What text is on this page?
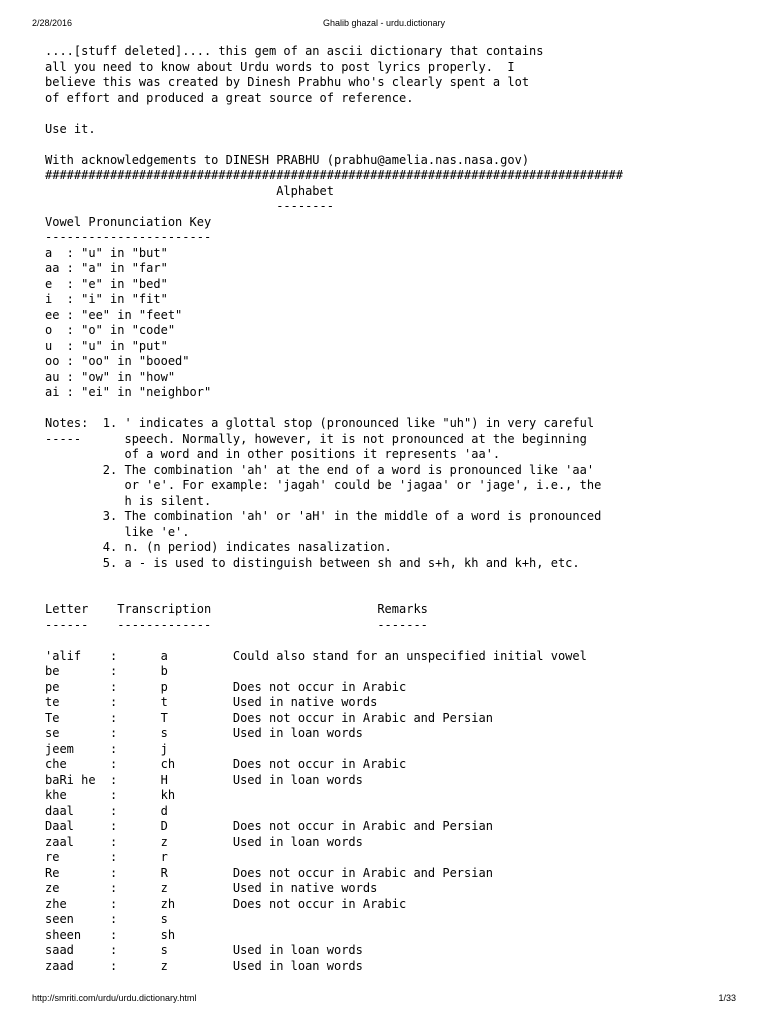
2/28/2016	Ghalib ghazal - urdu.dictionary
....[stuff deleted].... this gem of an ascii dictionary that contains
all you need to know about Urdu words to post lyrics properly.  I
believe this was created by Dinesh Prabhu who's clearly spent a lot
of effort and produced a great source of reference.

Use it.

With acknowledgements to DINESH PRABHU (prabhu@amelia.nas.nasa.gov)
################################################################################
Alphabet
--------
Vowel Pronunciation Key
-----------------------
a  : "u" in "but"
aa : "a" in "far"
e  : "e" in "bed"
i  : "i" in "fit"
ee : "ee" in "feet"
o  : "o" in "code"
u  : "u" in "put"
oo : "oo" in "booed"
au : "ow" in "how"
ai : "ei" in "neighbor"

Notes:  1. ' indicates a glottal stop (pronounced like "uh") in very careful
-----      speech. Normally, however, it is not pronounced at the beginning
of a word and in other positions it represents 'aa'.
2. The combination 'ah' at the end of a word is pronounced like 'aa'
or 'e'. For example: 'jagah' could be 'jagaa' or 'jage', i.e., the
h is silent.
3. The combination 'ah' or 'aH' in the middle of a word is pronounced
like 'e'.
4. n. (n period) indicates nasalization.
5. a - is used to distinguish between sh and s+h, kh and k+h, etc.

Letter    Transcription                       Remarks
------    -------------                       -------

'alif    :      a         Could also stand for an unspecified initial vowel
be       :      b
pe       :      p         Does not occur in Arabic
te       :      t         Used in native words
Te       :      T         Does not occur in Arabic and Persian
se       :      s         Used in loan words
jeem     :      j
che      :      ch        Does not occur in Arabic
baRi he  :      H         Used in loan words
khe      :      kh
daal     :      d
Daal     :      D         Does not occur in Arabic and Persian
zaal     :      z         Used in loan words
re       :      r
Re       :      R         Does not occur in Arabic and Persian
ze       :      z         Used in native words
zhe      :      zh        Does not occur in Arabic
seen     :      s
sheen    :      sh
saad     :      s         Used in loan words
zaad     :      z         Used in loan words
http://smriti.com/urdu/urdu.dictionary.html	1/33
